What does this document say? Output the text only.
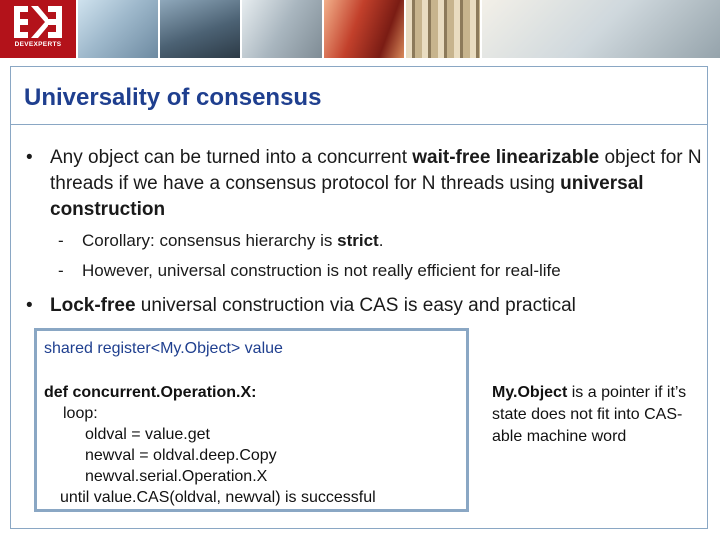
DEVEXPERTS
Universality of consensus
• Any object can be turned into a concurrent wait-free linearizable object for N threads if we have a consensus protocol for N threads using universal construction
- Corollary: consensus hierarchy is strict.
- However, universal construction is not really efficient for real-life
• Lock-free universal construction via CAS is easy and practical
shared register<My.Object> value
def concurrent.Operation.X:
loop:
oldval = value.get
newval = oldval.deep.Copy
newval.serial.Operation.X
until value.CAS(oldval, newval) is successful
My.Object is a pointer if it’s state does not fit into CAS-able machine word
